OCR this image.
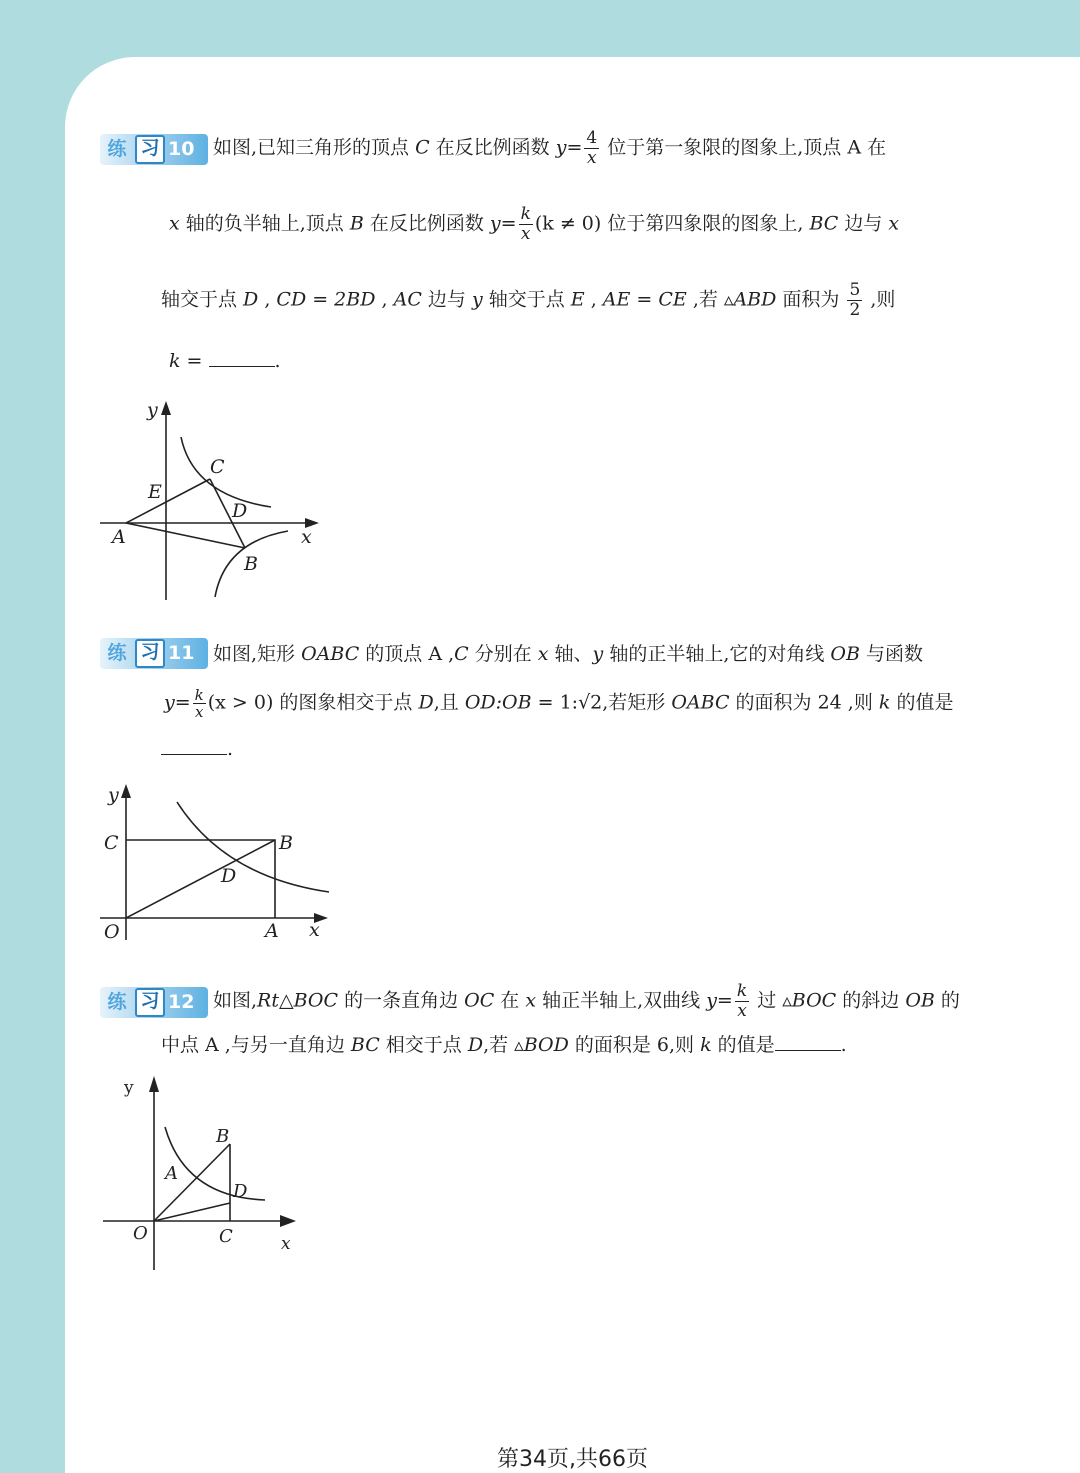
练 习 10 如图,已知三角形的顶点 C 在反比例函数 $y= \frac{4}{x}$ 位于第一象限的图象上,顶点 A 在
x 轴的负半轴上,顶点 B 在反比例函数 $y= \frac{k}{x} (k \ne 0)$ 位于第四象限的图象上, BC 边与 x
轴交于点 D , CD = 2BD , AC 边与 y 轴交于点 E , AE = CE ,若 ▵ABD 面积为 $\frac{5}{2}$ ,则
k =	.
y
x
C
E
D
A
B
练 习 11 如图,矩形 OABC 的顶点 A ,C 分别在 x 轴、y 轴的正半轴上,它的对角线 OB 与函数
$y= \frac{k}{x} (x > 0)$ 的图象相交于点 D,且 OD:OB = 1:√2,若矩形 OABC 的面积为 24 ,则 k 的值是
.
y
x
C	B
D
O	A
练 习 12 如图,Rt△BOC 的一条直角边 OC 在 x 轴正半轴上,双曲线 $y= \frac{k}{x}$ 过 ▵BOC 的斜边 OB 的
中点 A ,与另一直角边 BC 相交于点 D,若 ▵BOD 的面积是 6,则 k 的值是	.
y
x
B
A
D
O	C
第34页,共66页
